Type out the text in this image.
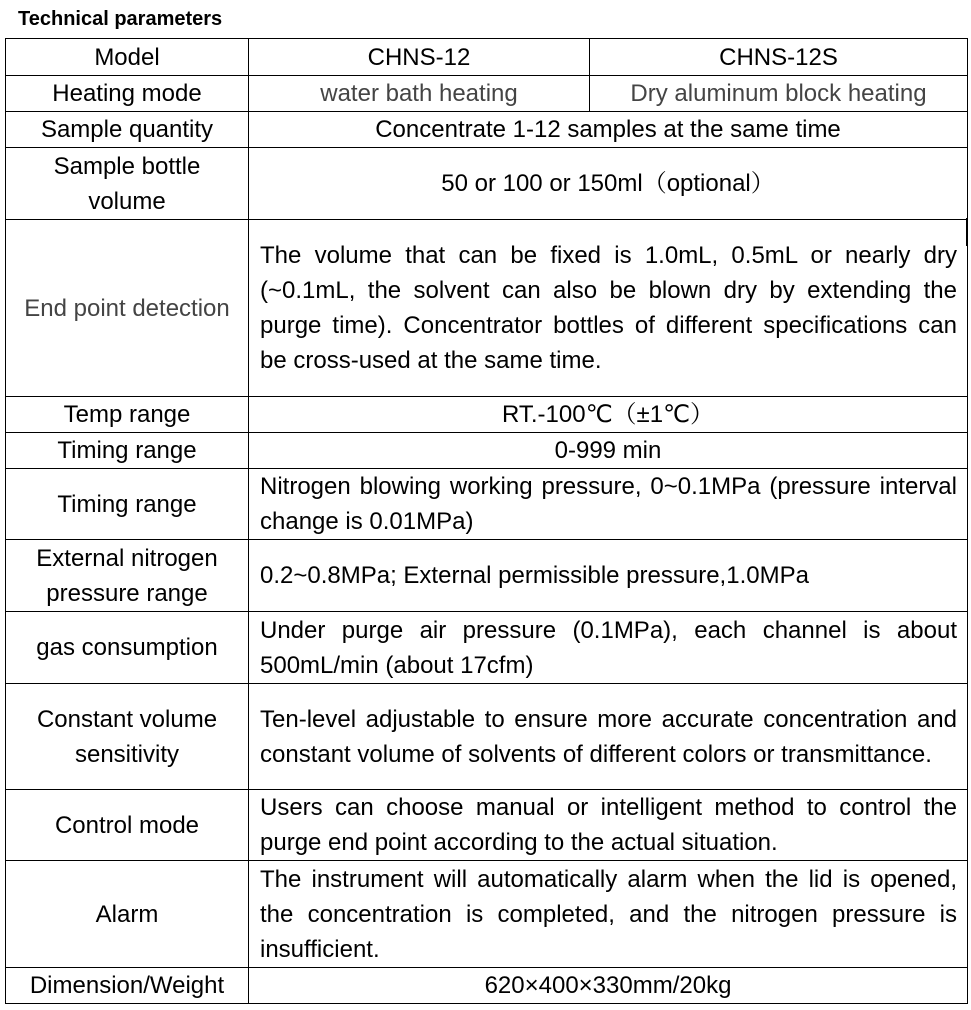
Technical parameters
Model	CHNS-12	CHNS-12S
Heating mode	water bath heating	Dry aluminum block heating
Sample quantity	Concentrate 1-12 samples at the same time	
Sample bottle volume	50 or 100 or 150ml（optional）	
End point detection	The volume that can be fixed is 1.0mL, 0.5mL or nearly dry (~0.1mL, the solvent can also be blown dry by extending the purge time). Concentrator bottles of different specifications can be cross-used at the same time.	
Temp range	RT.-100℃（±1℃）	
Timing range	0-999 min	
Timing range	Nitrogen blowing working pressure, 0~0.1MPa (pressure interval change is 0.01MPa)	
External nitrogen pressure range	0.2~0.8MPa; External permissible pressure,1.0MPa	
gas consumption	Under purge air pressure (0.1MPa), each channel is about 500mL/min (about 17cfm)	
Constant volume sensitivity	Ten-level adjustable to ensure more accurate concentration and constant volume of solvents of different colors or transmittance.	
Control mode	Users can choose manual or intelligent method to control the purge end point according to the actual situation.	
Alarm	The instrument will automatically alarm when the lid is opened, the concentration is completed, and the nitrogen pressure is insufficient.	
Dimension/Weight	620×400×330mm/20kg	
